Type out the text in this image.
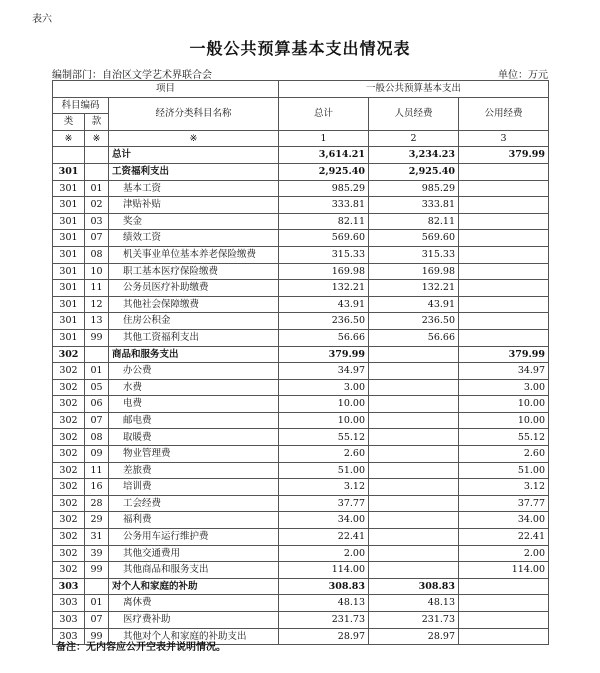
表六
一般公共预算基本支出情况表
编制部门：自治区文学艺术界联合会	单位：万元
项目			一般公共预算基本支出		
科目编码		经济分类科目名称	总计	人员经费	公用经费
类	款				
※	※	※	1	2	3
		总计	3,614.21	3,234.23	379.99
301		工资福利支出	2,925.40	2,925.40	
301	01	基本工资	985.29	985.29	
301	02	津贴补贴	333.81	333.81	
301	03	奖金	82.11	82.11	
301	07	绩效工资	569.60	569.60	
301	08	机关事业单位基本养老保险缴费	315.33	315.33	
301	10	职工基本医疗保险缴费	169.98	169.98	
301	11	公务员医疗补助缴费	132.21	132.21	
301	12	其他社会保障缴费	43.91	43.91	
301	13	住房公积金	236.50	236.50	
301	99	其他工资福利支出	56.66	56.66	
302		商品和服务支出	379.99		379.99
302	01	办公费	34.97		34.97
302	05	水费	3.00		3.00
302	06	电费	10.00		10.00
302	07	邮电费	10.00		10.00
302	08	取暖费	55.12		55.12
302	09	物业管理费	2.60		2.60
302	11	差旅费	51.00		51.00
302	16	培训费	3.12		3.12
302	28	工会经费	37.77		37.77
302	29	福利费	34.00		34.00
302	31	公务用车运行维护费	22.41		22.41
302	39	其他交通费用	2.00		2.00
302	99	其他商品和服务支出	114.00		114.00
303		对个人和家庭的补助	308.83	308.83	
303	01	离休费	48.13	48.13	
303	07	医疗费补助	231.73	231.73	
303	99	其他对个人和家庭的补助支出	28.97	28.97	
备注：无内容应公开空表并说明情况。
